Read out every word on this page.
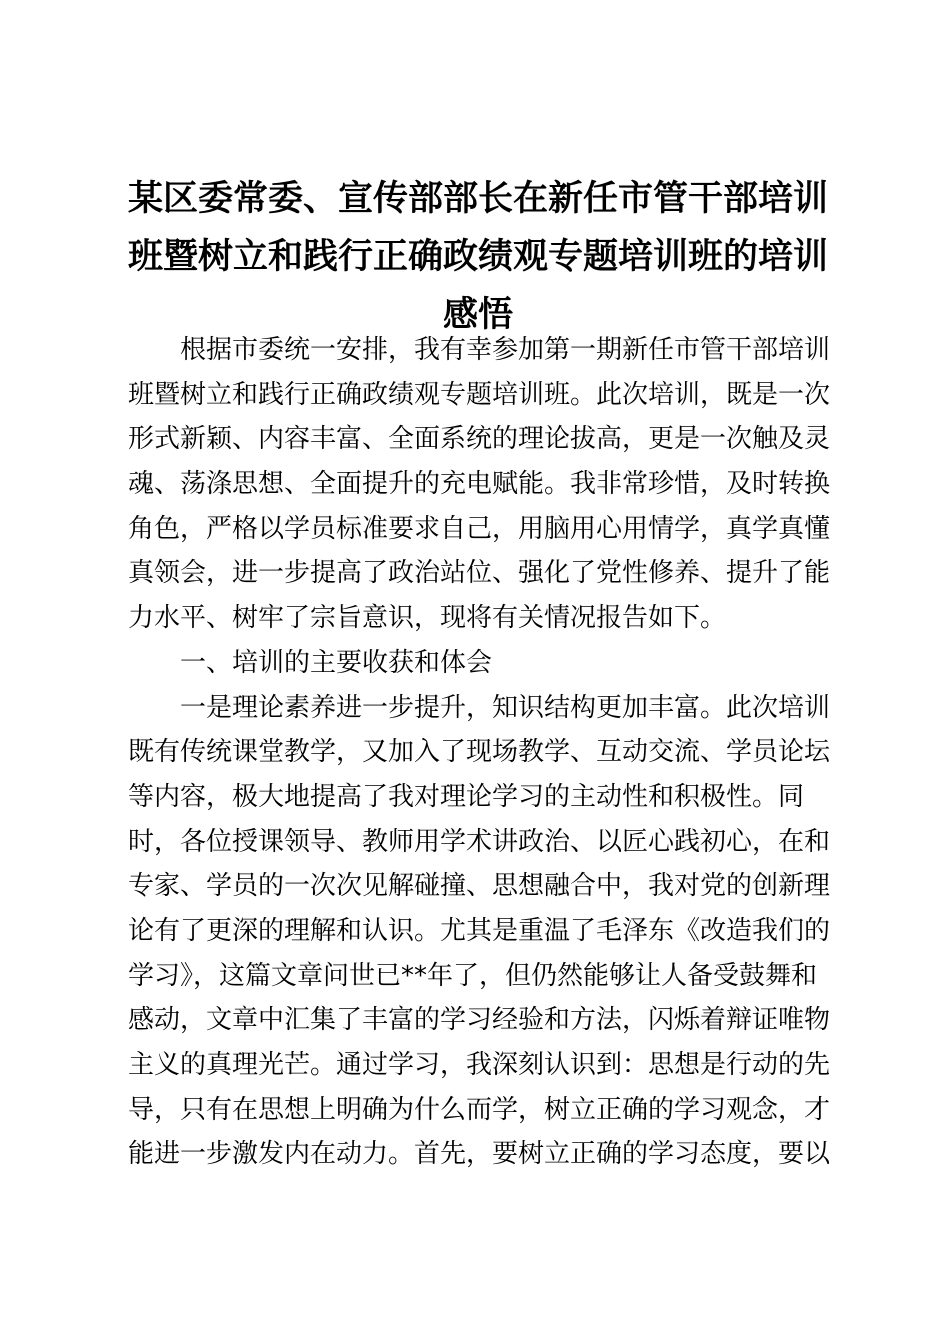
某区委常委、宣传部部长在新任市管干部培训
班暨树立和践行正确政绩观专题培训班的培训
感悟
根据市委统一安排，我有幸参加第一期新任市管干部培训
班暨树立和践行正确政绩观专题培训班。此次培训，既是一次
形式新颖、内容丰富、全面系统的理论拔高，更是一次触及灵
魂、荡涤思想、全面提升的充电赋能。我非常珍惜，及时转换
角色，严格以学员标准要求自己，用脑用心用情学，真学真懂
真领会，进一步提高了政治站位、强化了党性修养、提升了能
力水平、树牢了宗旨意识，现将有关情况报告如下。
一、培训的主要收获和体会
一是理论素养进一步提升，知识结构更加丰富。此次培训
既有传统课堂教学，又加入了现场教学、互动交流、学员论坛
等内容，极大地提高了我对理论学习的主动性和积极性。同
时，各位授课领导、教师用学术讲政治、以匠心践初心，在和
专家、学员的一次次见解碰撞、思想融合中，我对党的创新理
论有了更深的理解和认识。尤其是重温了毛泽东《改造我们的
学习》，这篇文章问世已**年了，但仍然能够让人备受鼓舞和
感动，文章中汇集了丰富的学习经验和方法，闪烁着辩证唯物
主义的真理光芒。通过学习，我深刻认识到：思想是行动的先
导，只有在思想上明确为什么而学，树立正确的学习观念，才
能进一步激发内在动力。首先，要树立正确的学习态度，要以
